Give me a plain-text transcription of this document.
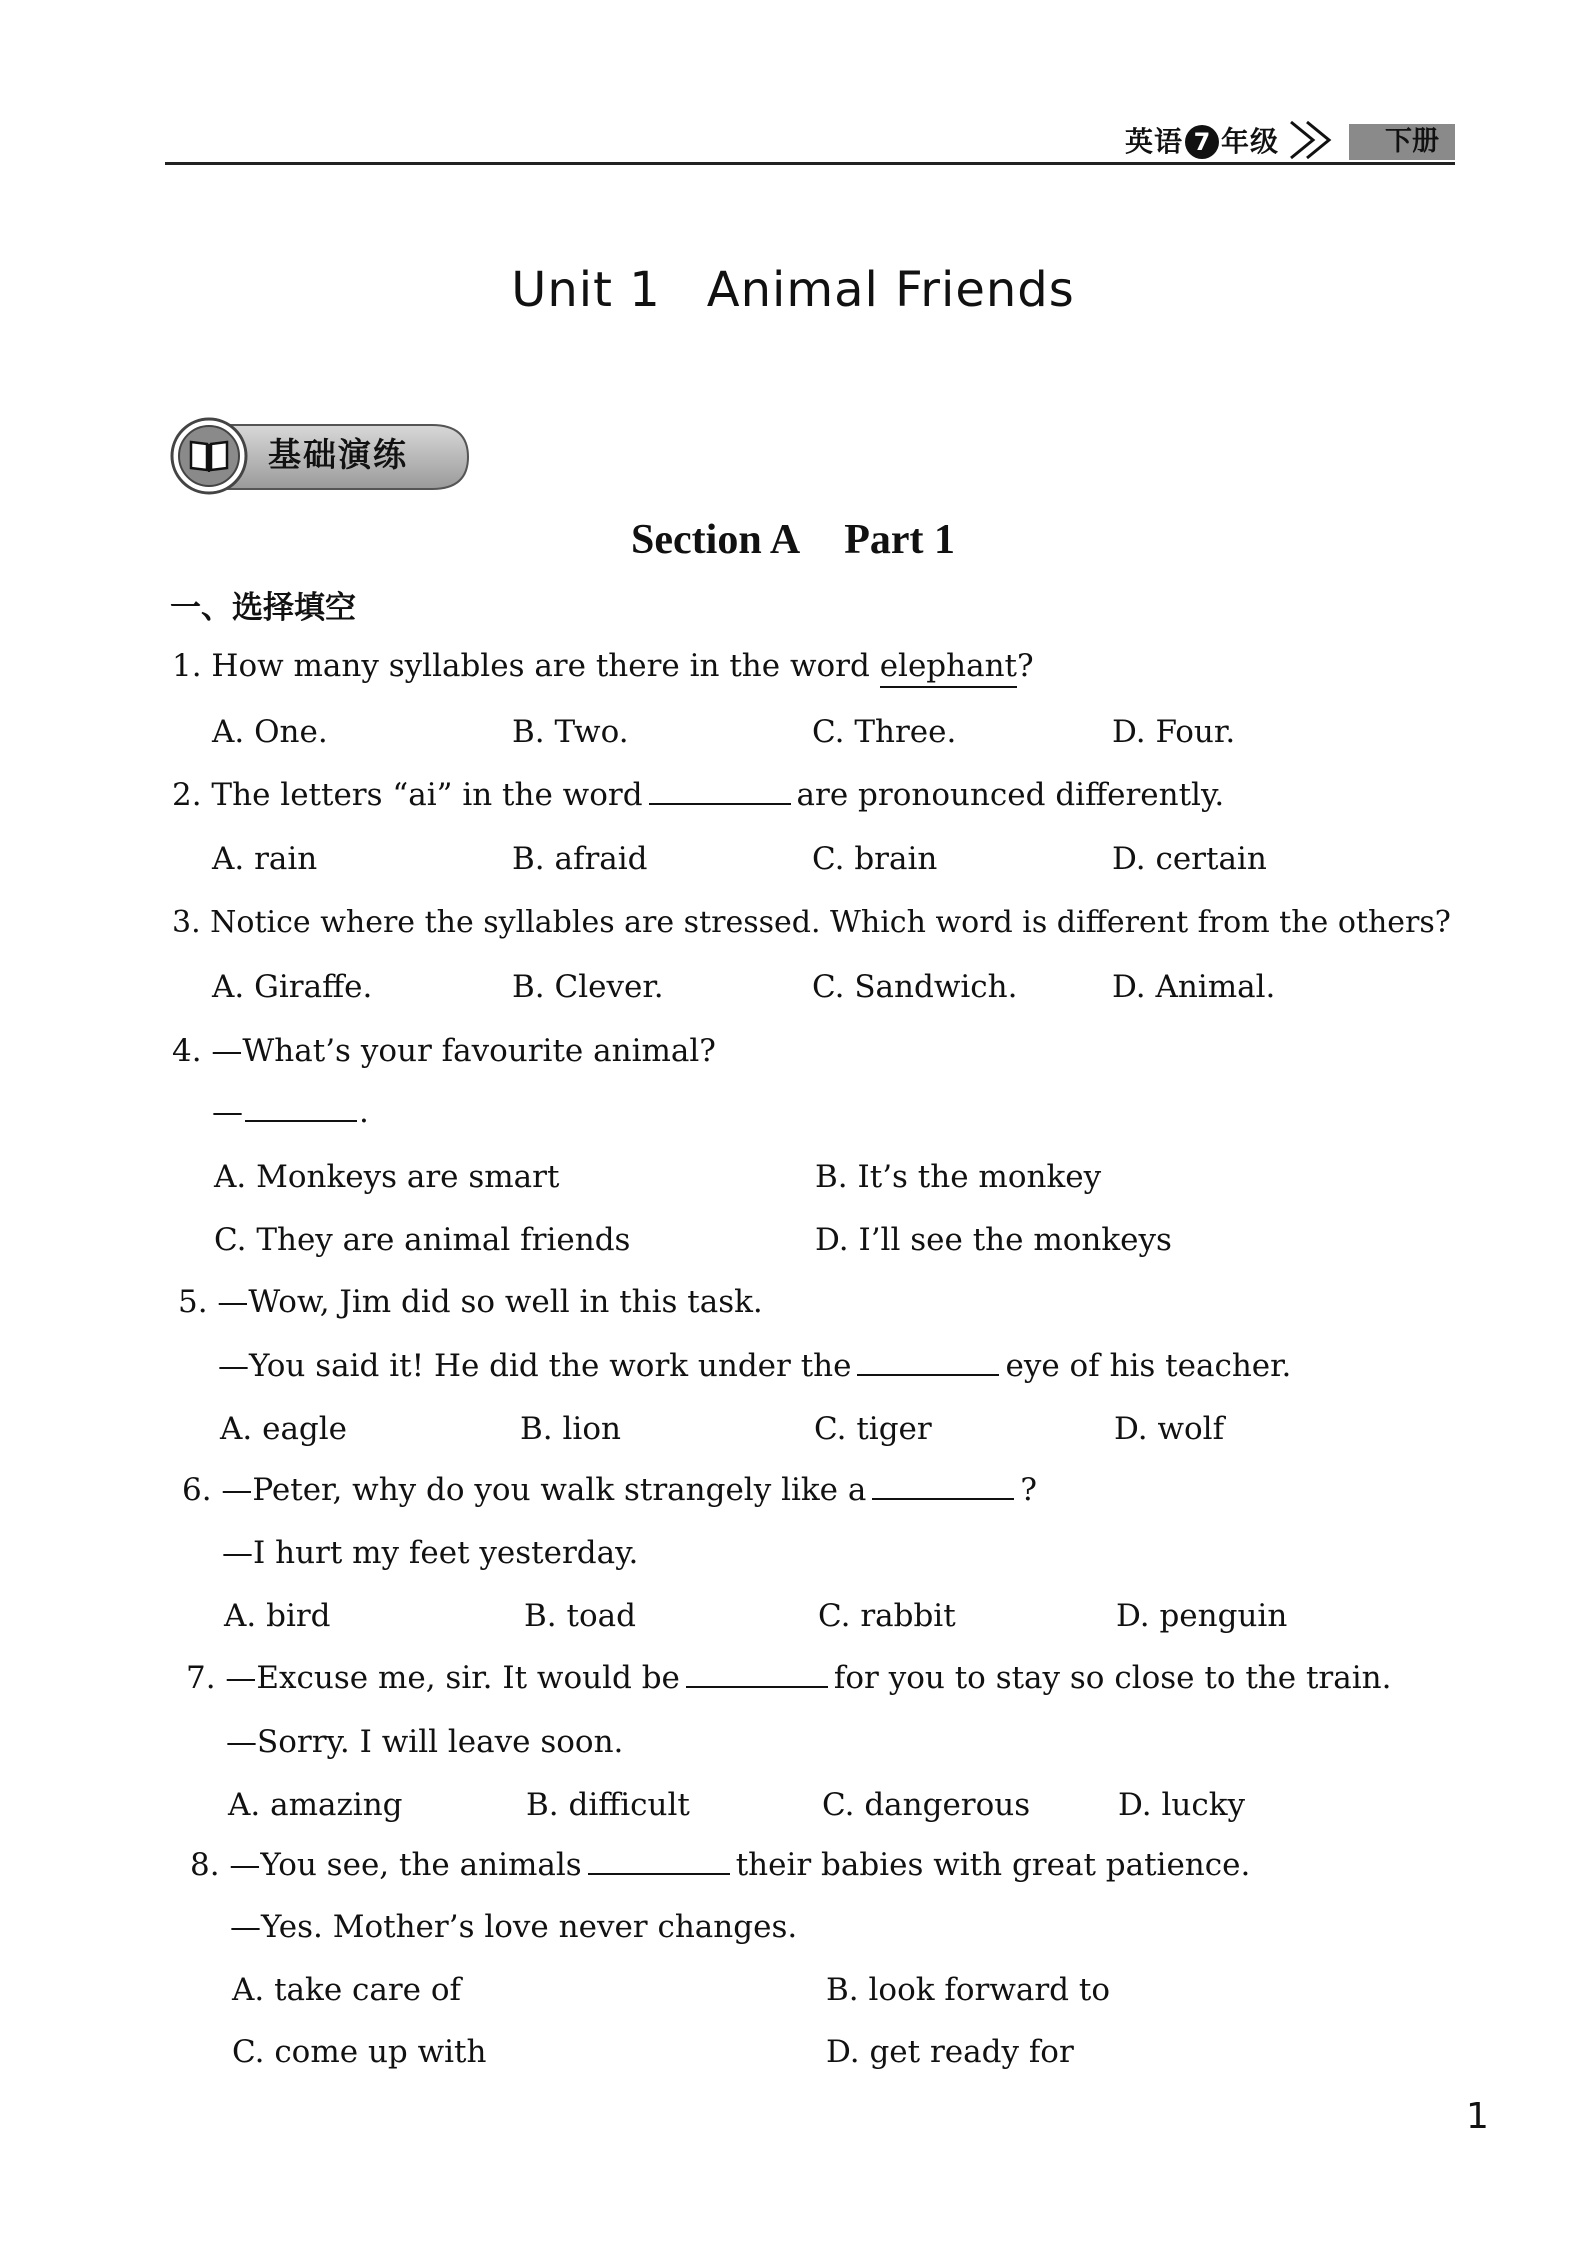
英语 7 年级	下册
Unit 1 Animal Friends
基础演练
Section A Part 1
一、选择填空
1. How many syllables are there in the word elephant?
A. One.	B. Two.	C. Three.	D. Four.
2. The letters “ai” in the word	are pronounced differently.
A. rain	B. afraid	C. brain	D. certain
3. Notice where the syllables are stressed. Which word is different from the others?
A. Giraffe.	B. Clever.	C. Sandwich.	D. Animal.
4. —What’s your favourite animal?
—	.
A. Monkeys are smart	B. It’s the monkey
C. They are animal friends	D. I’ll see the monkeys
5. —Wow, Jim did so well in this task.
—You said it! He did the work under the	eye of his teacher.
A. eagle	B. lion	C. tiger	D. wolf
6. —Peter, why do you walk strangely like a	?
—I hurt my feet yesterday.
A. bird	B. toad	C. rabbit	D. penguin
7. —Excuse me, sir. It would be	for you to stay so close to the train.
—Sorry. I will leave soon.
A. amazing	B. difficult	C. dangerous	D. lucky
8. —You see, the animals	their babies with great patience.
—Yes. Mother’s love never changes.
A. take care of	B. look forward to
C. come up with	D. get ready for
1
